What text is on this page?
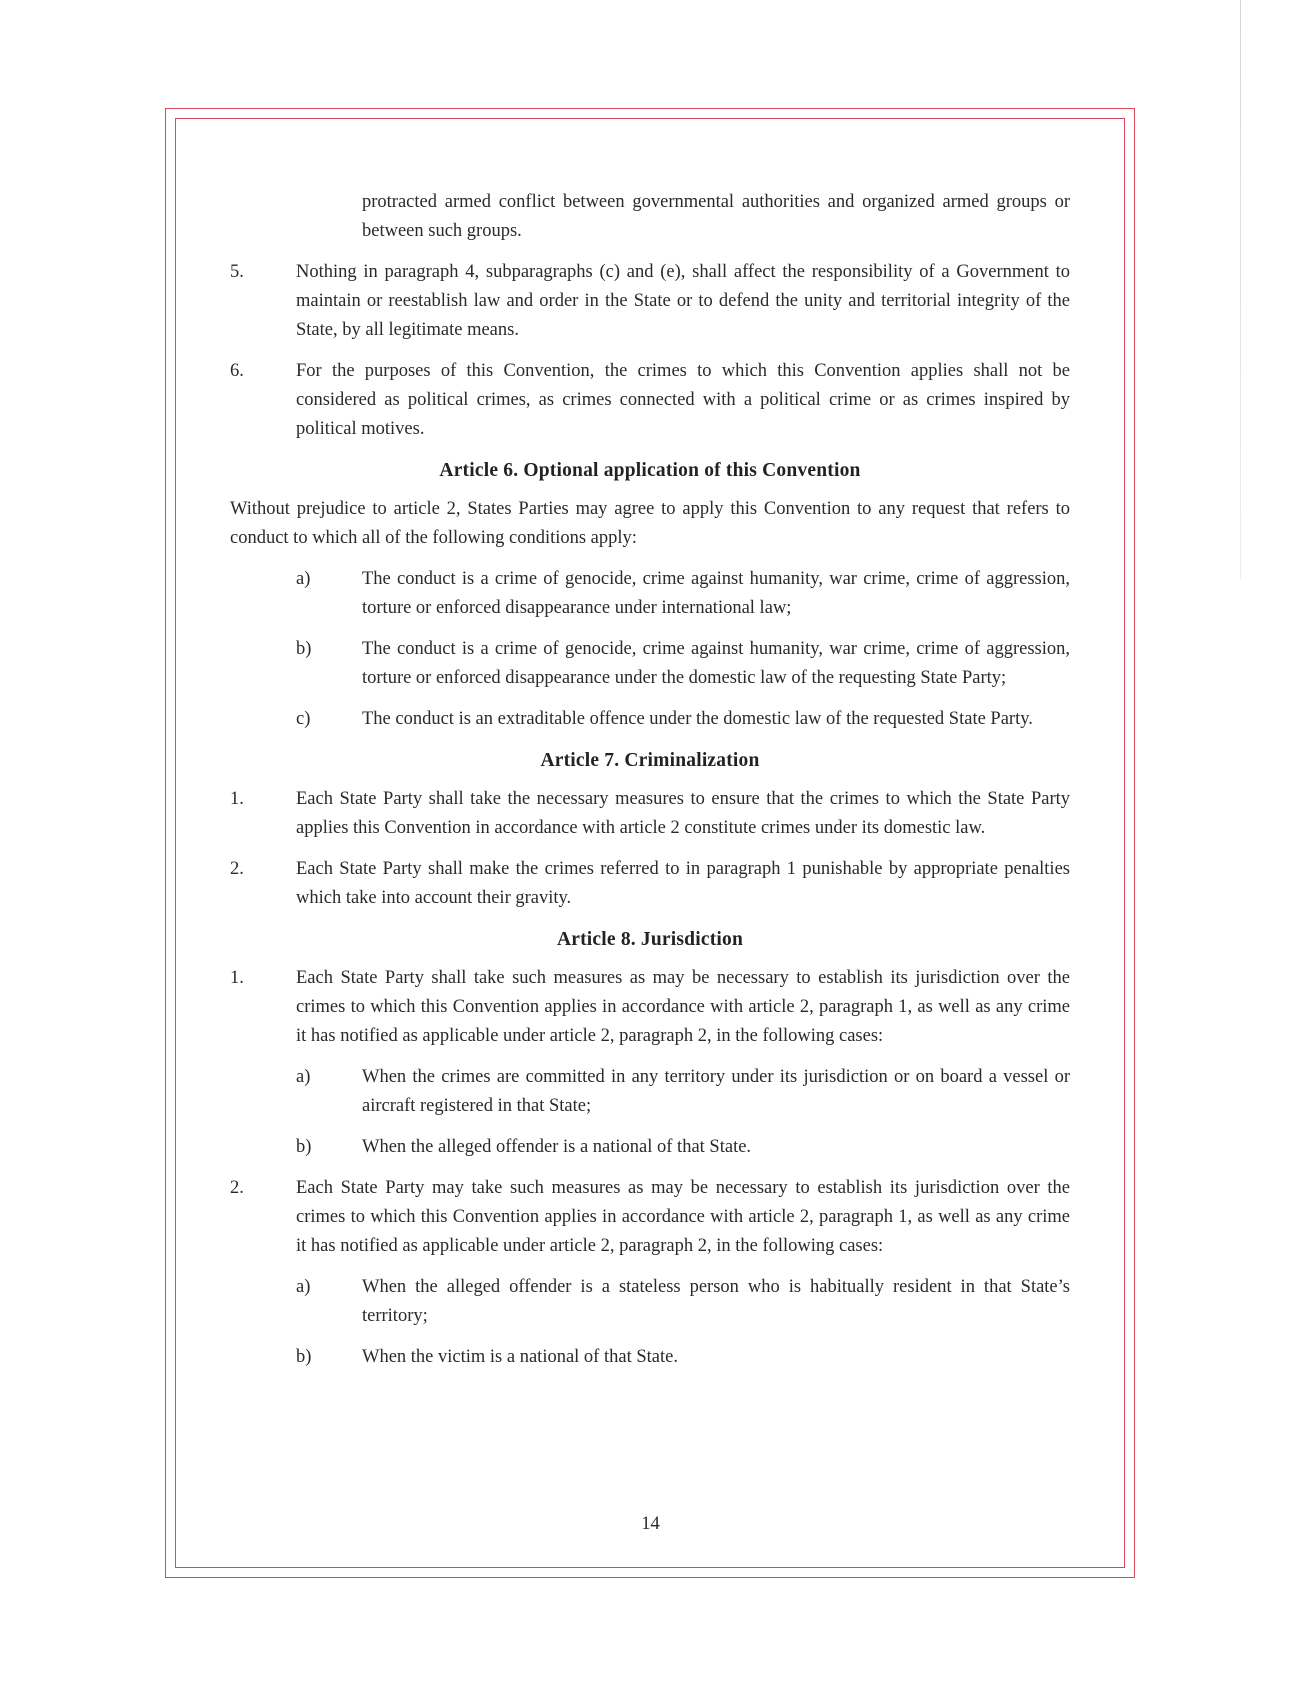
protracted armed conflict between governmental authorities and organized armed groups or between such groups.

5.	Nothing in paragraph 4, subparagraphs (c) and (e), shall affect the responsibility of a Government to maintain or reestablish law and order in the State or to defend the unity and territorial integrity of the State, by all legitimate means.
6.	For the purposes of this Convention, the crimes to which this Convention applies shall not be considered as political crimes, as crimes connected with a political crime or as crimes inspired by political motives.
Article 6. Optional application of this Convention

Without prejudice to article 2, States Parties may agree to apply this Convention to any request that refers to conduct to which all of the following conditions apply:

a)	The conduct is a crime of genocide, crime against humanity, war crime, crime of aggression, torture or enforced disappearance under international law;
b)	The conduct is a crime of genocide, crime against humanity, war crime, crime of aggression, torture or enforced disappearance under the domestic law of the requesting State Party;
c)	The conduct is an extraditable offence under the domestic law of the requested State Party.
Article 7. Criminalization
1.	Each State Party shall take the necessary measures to ensure that the crimes to which the State Party applies this Convention in accordance with article 2 constitute crimes under its domestic law.
2.	Each State Party shall make the crimes referred to in paragraph 1 punishable by appropriate penalties which take into account their gravity.
Article 8. Jurisdiction
1.	Each State Party shall take such measures as may be necessary to establish its jurisdiction over the crimes to which this Convention applies in accordance with article 2, paragraph 1, as well as any crime it has notified as applicable under article 2, paragraph 2, in the following cases:
a)	When the crimes are committed in any territory under its jurisdiction or on board a vessel or aircraft registered in that State;
b)	When the alleged offender is a national of that State.
2.	Each State Party may take such measures as may be necessary to establish its jurisdiction over the crimes to which this Convention applies in accordance with article 2, paragraph 1, as well as any crime it has notified as applicable under article 2, paragraph 2, in the following cases:
a)	When the alleged offender is a stateless person who is habitually resident in that State’s territory;
b)	When the victim is a national of that State.
14
